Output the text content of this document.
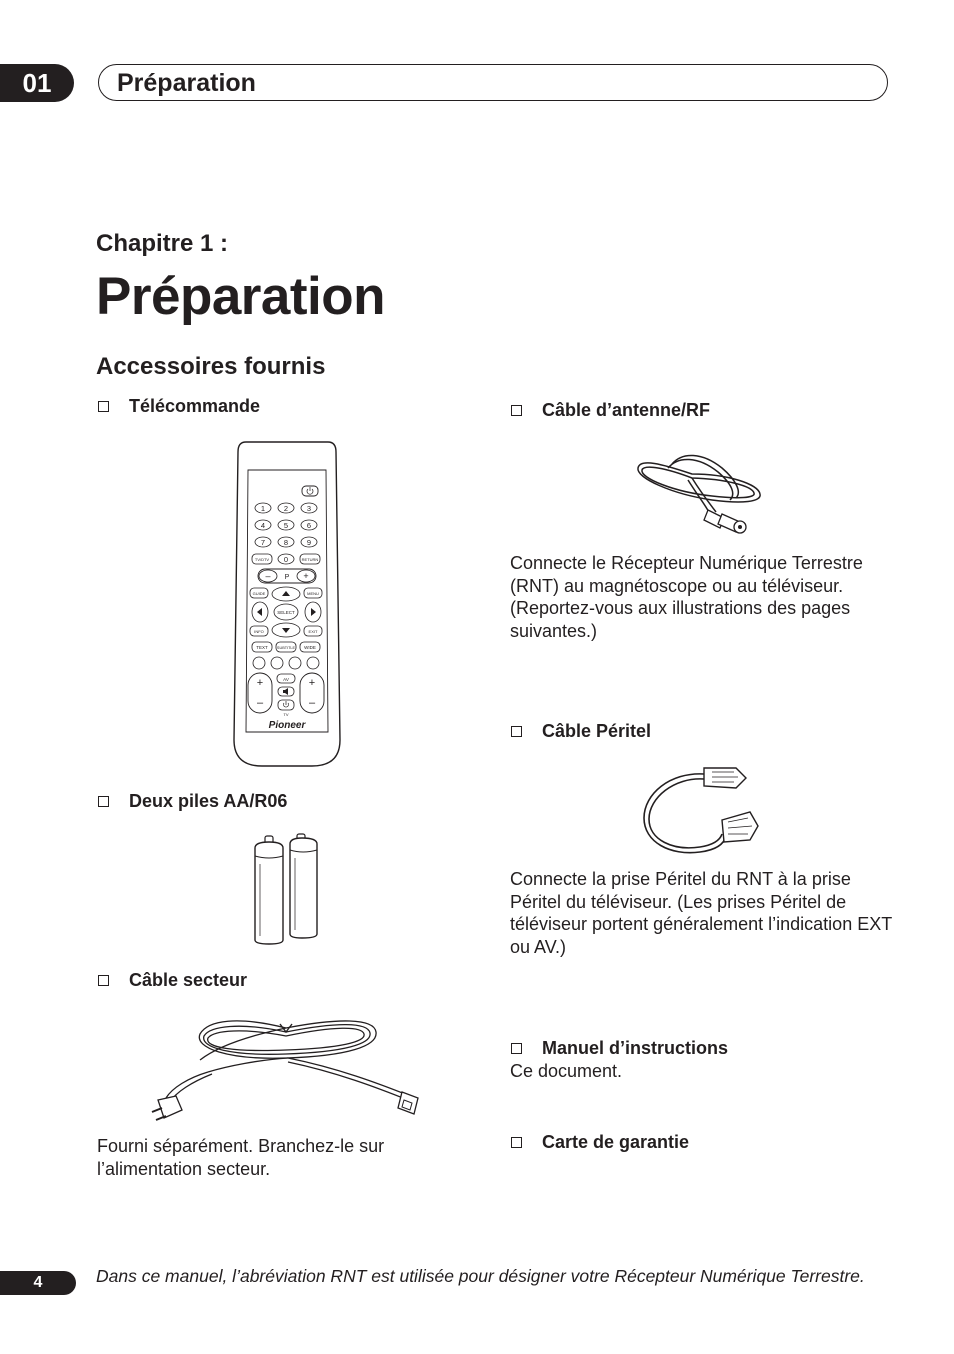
01	Préparation
Chapitre 1 :
Préparation
Accessoires fournis
Télécommande
1	2	3
4	5	6
7	8	9
0
TV/DTV	RETURN
–	+
P
GUIDE	MENU
SELECT
INFO	EXIT
TEXT SUBTITLE WIDE
+
–
+
–
AV
TV
Pioneer
Deux piles AA/R06
Câble secteur
Fourni séparément. Branchez-le sur l’alimentation secteur.
Câble d’antenne/RF
Connecte le Récepteur Numérique Terrestre (RNT) au magnétoscope ou au téléviseur. (Reportez-vous aux illustrations des pages suivantes.)
Câble Péritel
Connecte la prise Péritel du RNT à la prise Péritel du téléviseur. (Les prises Péritel de téléviseur portent généralement l’indication EXT ou AV.)
Manuel d’instructions
Ce document.
Carte de garantie
4	Dans ce manuel, l’abréviation RNT est utilisée pour désigner votre Récepteur Numérique Terrestre.
